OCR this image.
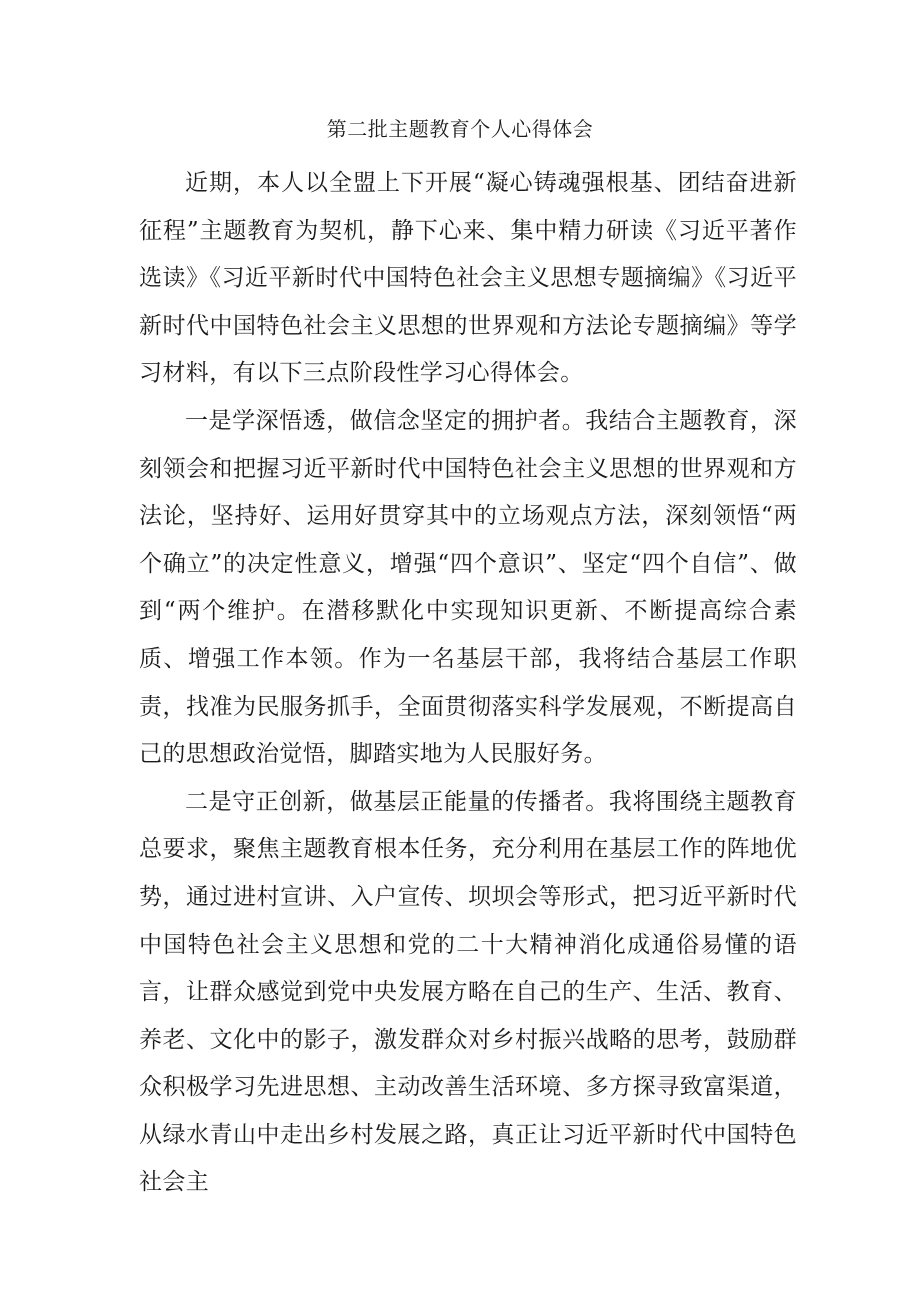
第二批主题教育个人心得体会

近期，本人以全盟上下开展“凝心铸魂强根基、团结奋进新征程”主题教育为契机，静下心来、集中精力研读《习近平著作选读》《习近平新时代中国特色社会主义思想专题摘编》《习近平新时代中国特色社会主义思想的世界观和方法论专题摘编》等学习材料，有以下三点阶段性学习心得体会。

一是学深悟透，做信念坚定的拥护者。我结合主题教育，深刻领会和把握习近平新时代中国特色社会主义思想的世界观和方法论，坚持好、运用好贯穿其中的立场观点方法，深刻领悟“两个确立”的决定性意义，增强“四个意识”、坚定“四个自信”、做到“两个维护。在潜移默化中实现知识更新、不断提高综合素质、增强工作本领。作为一名基层干部，我将结合基层工作职责，找准为民服务抓手，全面贯彻落实科学发展观，不断提高自己的思想政治觉悟，脚踏实地为人民服好务。

二是守正创新，做基层正能量的传播者。我将围绕主题教育总要求，聚焦主题教育根本任务，充分利用在基层工作的阵地优势，通过进村宣讲、入户宣传、坝坝会等形式，把习近平新时代中国特色社会主义思想和党的二十大精神消化成通俗易懂的语言，让群众感觉到党中央发展方略在自己的生产、生活、教育、养老、文化中的影子，激发群众对乡村振兴战略的思考，鼓励群众积极学习先进思想、主动改善生活环境、多方探寻致富渠道，从绿水青山中走出乡村发展之路，真正让习近平新时代中国特色社会主
